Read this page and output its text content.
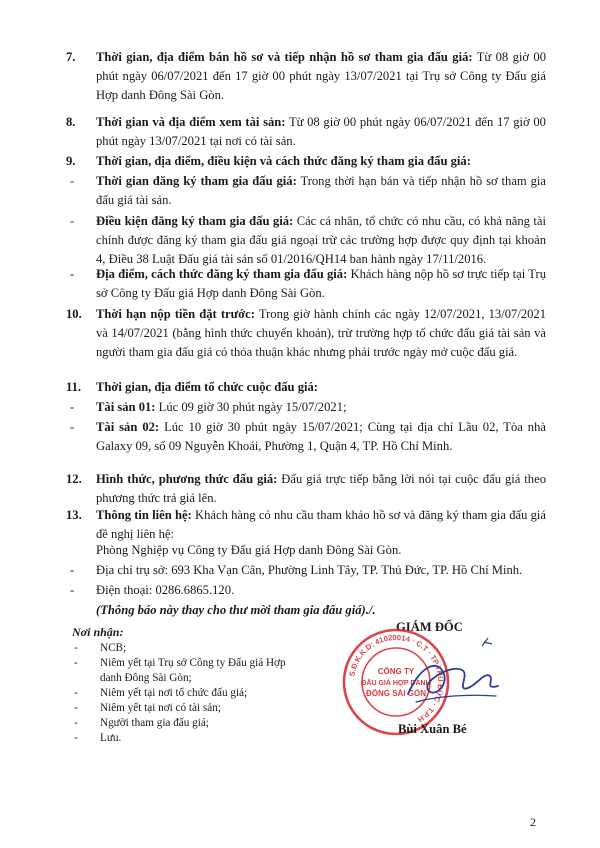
7. Thời gian, địa điểm bán hồ sơ và tiếp nhận hồ sơ tham gia đấu giá: Từ 08 giờ 00 phút ngày 06/07/2021 đến 17 giờ 00 phút ngày 13/07/2021 tại Trụ sở Công ty Đấu giá Hợp danh Đông Sài Gòn.
8. Thời gian và địa điểm xem tài sản: Từ 08 giờ 00 phút ngày 06/07/2021 đến 17 giờ 00 phút ngày 13/07/2021 tại nơi có tài sản.
9. Thời gian, địa điểm, điều kiện và cách thức đăng ký tham gia đấu giá:
- Thời gian đăng ký tham gia đấu giá: Trong thời hạn bán và tiếp nhận hồ sơ tham gia đấu giá tài sản.
- Điều kiện đăng ký tham gia đấu giá: Các cá nhân, tổ chức có nhu cầu, có khả năng tài chính được đăng ký tham gia đấu giá ngoại trừ các trường hợp được quy định tại khoản 4, Điều 38 Luật Đấu giá tài sản số 01/2016/QH14 ban hành ngày 17/11/2016.
- Địa điểm, cách thức đăng ký tham gia đấu giá: Khách hàng nộp hồ sơ trực tiếp tại Trụ sở Công ty Đấu giá Hợp danh Đông Sài Gòn.
10. Thời hạn nộp tiền đặt trước: Trong giờ hành chính các ngày 12/07/2021, 13/07/2021 và 14/07/2021 (bằng hình thức chuyển khoản), trừ trường hợp tổ chức đấu giá tài sản và người tham gia đấu giá có thỏa thuận khác nhưng phải trước ngày mở cuộc đấu giá.
11. Thời gian, địa điểm tổ chức cuộc đấu giá:
- Tài sản 01: Lúc 09 giờ 30 phút ngày 15/07/2021;
- Tài sản 02: Lúc 10 giờ 30 phút ngày 15/07/2021; Cùng tại địa chỉ Lầu 02, Tòa nhà Galaxy 09, số 09 Nguyễn Khoái, Phường 1, Quận 4, TP. Hồ Chí Minh.
12. Hình thức, phương thức đấu giá: Đấu giá trực tiếp bằng lời nói tại cuộc đấu giá theo phương thức trả giá lên.
13. Thông tin liên hệ: Khách hàng có nhu cầu tham khảo hồ sơ và đăng ký tham gia đấu giá đề nghị liên hệ:
Phòng Nghiệp vụ Công ty Đấu giá Hợp danh Đông Sài Gòn.
- Địa chỉ trụ sở: 693 Kha Vạn Cân, Phường Linh Tây, TP. Thủ Đức, TP. Hồ Chí Minh.
- Điện thoại: 0286.6865.120.
(Thông báo này thay cho thư mời tham gia đấu giá)./.
Nơi nhận:
- NCB;
- Niêm yết tại Trụ sở Công ty Đấu giá Hợp danh Đông Sài Gòn;
- Niêm yết tại nơi tổ chức đấu giá;
- Niêm yết tại nơi có tài sản;
- Người tham gia đấu giá;
- Lưu.
GIÁM ĐỐC
S.Đ.K.K.D: 41020014 · C.T · TP.THỦ ĐỨC · T.P.H
CÔNG TY
ĐẤU GIÁ HỢP DANH
ĐÔNG SÀI GÒN
Bùi Xuân Bé
2
